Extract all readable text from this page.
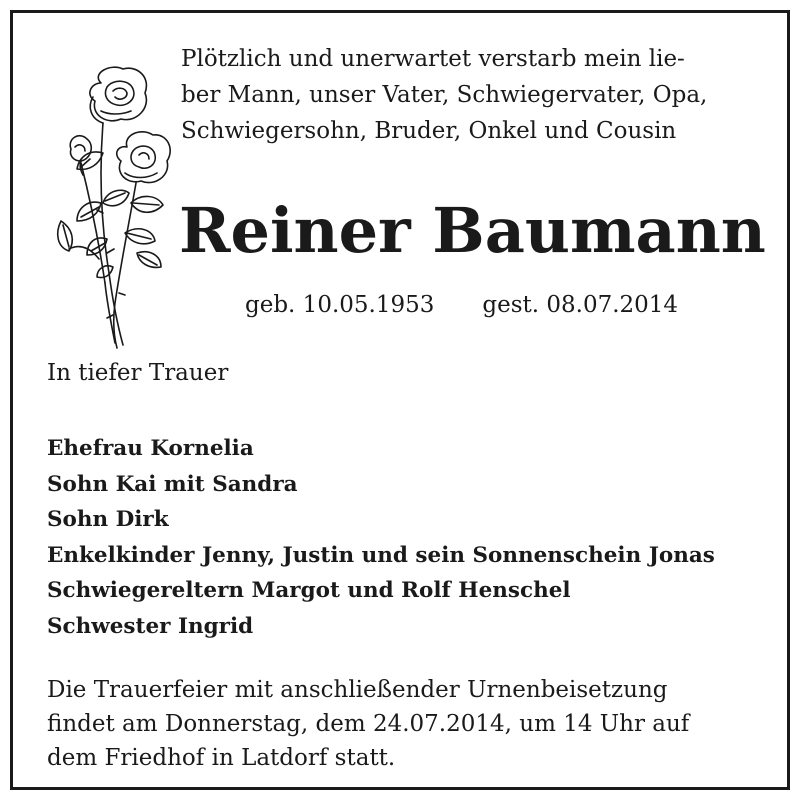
Plötzlich und unerwartet verstarb mein lie-
ber Mann, unser Vater, Schwiegervater, Opa,
Schwiegersohn, Bruder, Onkel und Cousin

Reiner Baumann
geb. 10.05.1953 gest. 08.07.2014

In tiefer Trauer

Ehefrau Kornelia
Sohn Kai mit Sandra
Sohn Dirk
Enkelkinder Jenny, Justin und sein Sonnenschein Jonas
Schwiegereltern Margot und Rolf Henschel
Schwester Ingrid

Die Trauerfeier mit anschließender Urnenbeisetzung
findet am Donnerstag, dem 24.07.2014, um 14 Uhr auf
dem Friedhof in Latdorf statt.
